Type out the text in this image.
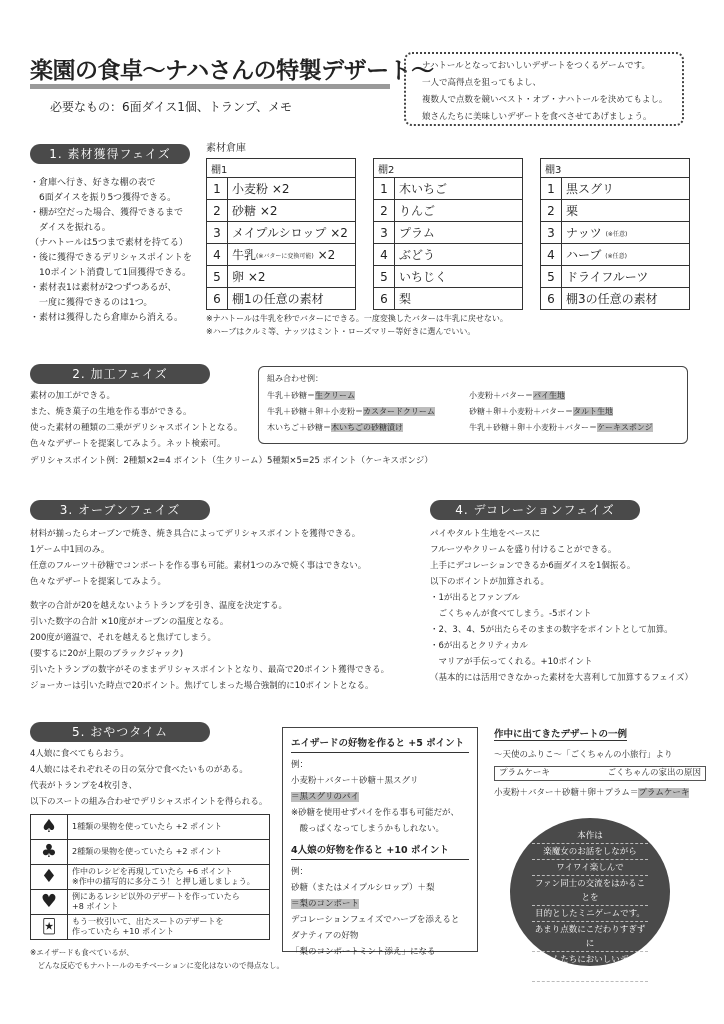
楽園の食卓〜ナハさんの特製デザート〜
必要なもの：6面ダイス1個、トランプ、メモ
ナハトールとなっておいしいデザートをつくるゲームです。
一人で高得点を狙ってもよし、
複数人で点数を競いベスト・オブ・ナハトールを決めてもよし。
娘さんたちに美味しいデザートを食べさせてあげましょう。
1. 素材獲得フェイズ
・倉庫へ行き、好きな棚の表で
　6面ダイスを振り5つ獲得できる。
・棚が空だった場合、獲得できるまで
　ダイスを振れる。
（ナハトールは5つまで素材を持てる）
・後に獲得できるデリシャスポイントを
　10ポイント消費して1回獲得できる。
・素材表1は素材が2つずつあるが、
　一度に獲得できるのは1つ。
・素材は獲得したら倉庫から消える。
素材倉庫
棚1	
1	小麦粉 ×2
2	砂糖 ×2
3	メイプルシロップ ×2
4	牛乳(※バターに変換可能) ×2
5	卵 ×2
6	棚1の任意の素材
棚2	
1	木いちご
2	りんご
3	プラム
4	ぶどう
5	いちじく
6	梨
棚3	
1	黒スグリ
2	栗
3	ナッツ (※任意)
4	ハーブ (※任意)
5	ドライフルーツ
6	棚3の任意の素材
※ナハトールは牛乳を秒でバターにできる。一度変換したバターは牛乳に戻せない。
※ハーブはクルミ等、ナッツはミント・ローズマリー等好きに選んでいい。
2. 加工フェイズ
素材の加工ができる。
また、焼き菓子の生地を作る事ができる。
使った素材の種類の二乗がデリシャスポイントとなる。
色々なデザートを提案してみよう。ネット検索可。
デリシャスポイント例：2種類×2=4 ポイント（生クリーム）5種類×5=25 ポイント（ケーキスポンジ）
組み合わせ例：
牛乳＋砂糖＝生クリーム
牛乳＋砂糖＋卵＋小麦粉＝カスタードクリーム
木いちご＋砂糖＝木いちごの砂糖漬け
小麦粉＋バター＝パイ生地
砂糖＋卵＋小麦粉＋バター＝タルト生地
牛乳＋砂糖＋卵＋小麦粉＋バター＝ケーキスポンジ
3. オーブンフェイズ
材料が揃ったらオーブンで焼き、焼き具合によってデリシャスポイントを獲得できる。
1ゲーム中1回のみ。
任意のフルーツ＋砂糖でコンポートを作る事も可能。素材1つのみで焼く事はできない。
色々なデザートを提案してみよう。
数字の合計が20を越えないようトランプを引き、温度を決定する。
引いた数字の合計 ×10度がオーブンの温度となる。
200度が適温で、それを越えると焦げてしまう。
(要するに20が上限のブラックジャック)
引いたトランプの数字がそのままデリシャスポイントとなり、最高で20ポイント獲得できる。
ジョーカーは引いた時点で20ポイント。焦げてしまった場合強制的に10ポイントとなる。
4. デコレーションフェイズ
パイやタルト生地をベースに
フルーツやクリームを盛り付けることができる。
上手にデコレーションできるか6面ダイスを1個振る。
以下のポイントが加算される。
・1が出るとファンブル
　ごくちゃんが食べてしまう。-5ポイント
・2、3、4、5が出たらそのままの数字をポイントとして加算。
・6が出るとクリティカル
　マリアが手伝ってくれる。+10ポイント
（基本的には活用できなかった素材を大喜利して加算するフェイズ）
5. おやつタイム
4人娘に食べてもらおう。
4人娘にはそれぞれその日の気分で食べたいものがある。
代表がトランプを4枚引き、
以下のスートの組み合わせでデリシャスポイントを得られる。
♠	1種類の果物を使っていたら +2 ポイント
♣	2種類の果物を使っていたら +2 ポイント
♦	作中のレシピを再現していたら +6 ポイント
※作中の描写的に多分こう！と押し通しましょう。
♥	例にあるレシピ以外のデザートを作っていたら
+8 ポイント
🃏	もう一枚引いて、出たスートのデザートを
作っていたら +10 ポイント
※エイザードも食べているが、
　どんな反応でもナハトールのモチベーションに変化はないので得点なし。
エイザードの好物を作ると +5 ポイント
例：
小麦粉＋バター＋砂糖＋黒スグリ
＝黒スグリのパイ
※砂糖を使用せずパイを作る事も可能だが、
　酸っぱくなってしまうかもしれない。
4人娘の好物を作ると +10 ポイント
例：
砂糖（またはメイプルシロップ）＋梨
＝梨のコンポート
デコレーションフェイズでハーブを添えると
ダナティアの好物
「梨のコンポートミント添え」になる
作中に出てきたデザートの一例
〜天使のふりこ〜「ごくちゃんの小旅行」より
プラムケーキ	ごくちゃんの家出の原因
小麦粉＋バター＋砂糖＋卵＋プラム＝プラムケーキ
本作は
楽魔女のお話をしながら
ワイワイ楽しんで
ファン同士の交流をはかることを
目的としたミニゲームです。
あまり点数にこだわりすぎずに
娘さんたちにおいしいデザートを
つくってあげてください。
